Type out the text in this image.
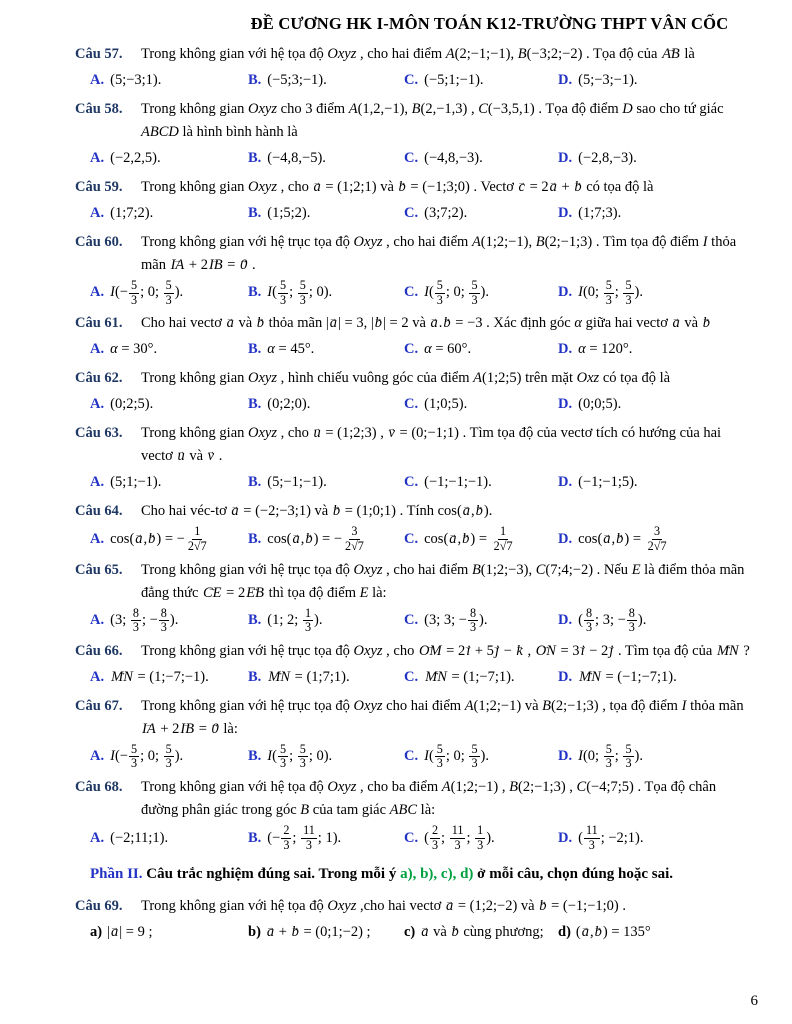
ĐỀ CƯƠNG HK I-MÔN TOÁN K12-TRƯỜNG THPT VÂN CỐC
Câu 57.	Trong không gian với hệ tọa độ Oxyz , cho hai điểm A(2;−1;−1), B(−3;2;−2) . Tọa độ của AB → là
A. (5;−3;1).	B. (−5;3;−1).	C. (−5;1;−1).	D. (5;−3;−1).
Câu 58.	Trong không gian Oxyz cho 3 điểm A(1,2,−1), B(2,−1,3) , C(−3,5,1) . Tọa độ điểm D sao cho tứ giác ABCD là hình bình hành là
A. (−2,2,5).	B. (−4,8,−5).	C. (−4,8,−3).	D. (−2,8,−3).
Câu 59.	Trong không gian Oxyz , cho a → = (1;2;1) và b → = (−1;3;0) . Vectơ c → = 2a → + b → có tọa độ là
A. (1;7;2).	B. (1;5;2).	C. (3;7;2).	D. (1;7;3).
Câu 60.	Trong không gian với hệ trục tọa độ Oxyz , cho hai điểm A(1;2;−1), B(2;−1;3) . Tìm tọa độ điểm I thỏa mãn IA → + 2IB → = 0 → .
A. $I(- \frac{5}{3}$ ; 0; $\frac{5}{3}$ ).	B. $I( \frac{5}{3}$ ; $\frac{5}{3}$ ; 0).	C. $I( \frac{5}{3}$ ; 0; $\frac{5}{3}$ ).	D. I(0; $\frac{5}{3}$ ; $\frac{5}{3}$ ).
Câu 61.	Cho hai vectơ a → và b → thỏa mãn |a →| = 3, |b →| = 2 và a →.b → = −3 . Xác định góc α giữa hai vectơ a → và b →
A. α = 30°.	B. α = 45°.	C. α = 60°.	D. α = 120°.
Câu 62.	Trong không gian Oxyz , hình chiếu vuông góc của điểm A(1;2;5) trên mặt Oxz có tọa độ là
A. (0;2;5).	B. (0;2;0).	C. (1;0;5).	D. (0;0;5).
Câu 63.	Trong không gian Oxyz , cho u → = (1;2;3) , v → = (0;−1;1) . Tìm tọa độ của vectơ tích có hướng của hai vectơ u → và v → .
A. (5;1;−1).	B. (5;−1;−1).	C. (−1;−1;−1).	D. (−1;−1;5).
Câu 64.	Cho hai véc-tơ a → = (−2;−3;1) và b → = (1;0;1) . Tính cos(a →,b →).
A. cos(a →,b →) = − $\frac{1}{2√7}$	B. cos(a →,b →) = − $\frac{3}{2√7}$	C. cos(a →,b →) = $\frac{1}{2√7}$	D. cos(a →,b →) = $\frac{3}{2√7}$
Câu 65.	Trong không gian với hệ trục tọa độ Oxyz , cho hai điểm B(1;2;−3), C(7;4;−2) . Nếu E là điểm thỏa mãn đẳng thức CE → = 2EB → thì tọa độ điểm E là:
A. (3; $\frac{8}{3}$ ; − $\frac{8}{3}$ ).	B. (1; 2; $\frac{1}{3}$ ).	C. (3; 3; − $\frac{8}{3}$ ).	D. ( $\frac{8}{3}$ ; 3; − $\frac{8}{3}$ ).
Câu 66.	Trong không gian với hệ trục tọa độ Oxyz , cho OM → = 2i → + 5j → − k → , ON → = 3i → − 2j → . Tìm tọa độ của MN → ?
A. MN → = (1;−7;−1).	B. MN → = (1;7;1).	C. MN → = (1;−7;1).	D. MN → = (−1;−7;1).
Câu 67.	Trong không gian với hệ trục tọa độ Oxyz cho hai điểm A(1;2;−1) và B(2;−1;3) , tọa độ điểm I thỏa mãn IA → + 2IB → = 0 → là:
A. $I(- \frac{5}{3}$ ; 0; $\frac{5}{3}$ ).	B. $I( \frac{5}{3}$ ; $\frac{5}{3}$ ; 0).	C. $I( \frac{5}{3}$ ; 0; $\frac{5}{3}$ ).	D. I(0; $\frac{5}{3}$ ; $\frac{5}{3}$ ).
Câu 68.	Trong không gian với hệ tọa độ Oxyz , cho ba điểm A(1;2;−1) , B(2;−1;3) , C(−4;7;5) . Tọa độ chân đường phân giác trong góc B của tam giác ABC là:
A. (−2;11;1).	B. (− $\frac{2}{3}$ ; $\frac{11}{3}$ ; 1).	C. ( $\frac{2}{3}$ ; $\frac{11}{3}$ ; $\frac{1}{3}$ ).	D. ( $\frac{11}{3}$ ; −2;1).
Phần II. Câu trắc nghiệm đúng sai. Trong mỗi ý a), b), c), d) ở mỗi câu, chọn đúng hoặc sai.
Câu 69.	Trong không gian với hệ tọa độ Oxyz ,cho hai vectơ a → = (1;2;−2) và b → = (−1;−1;0) .
a) |a →| = 9 ;	b) a → + b → = (0;1;−2) ;	c) a → và b → cùng phương; d) (a →,b →) = 135°
6
